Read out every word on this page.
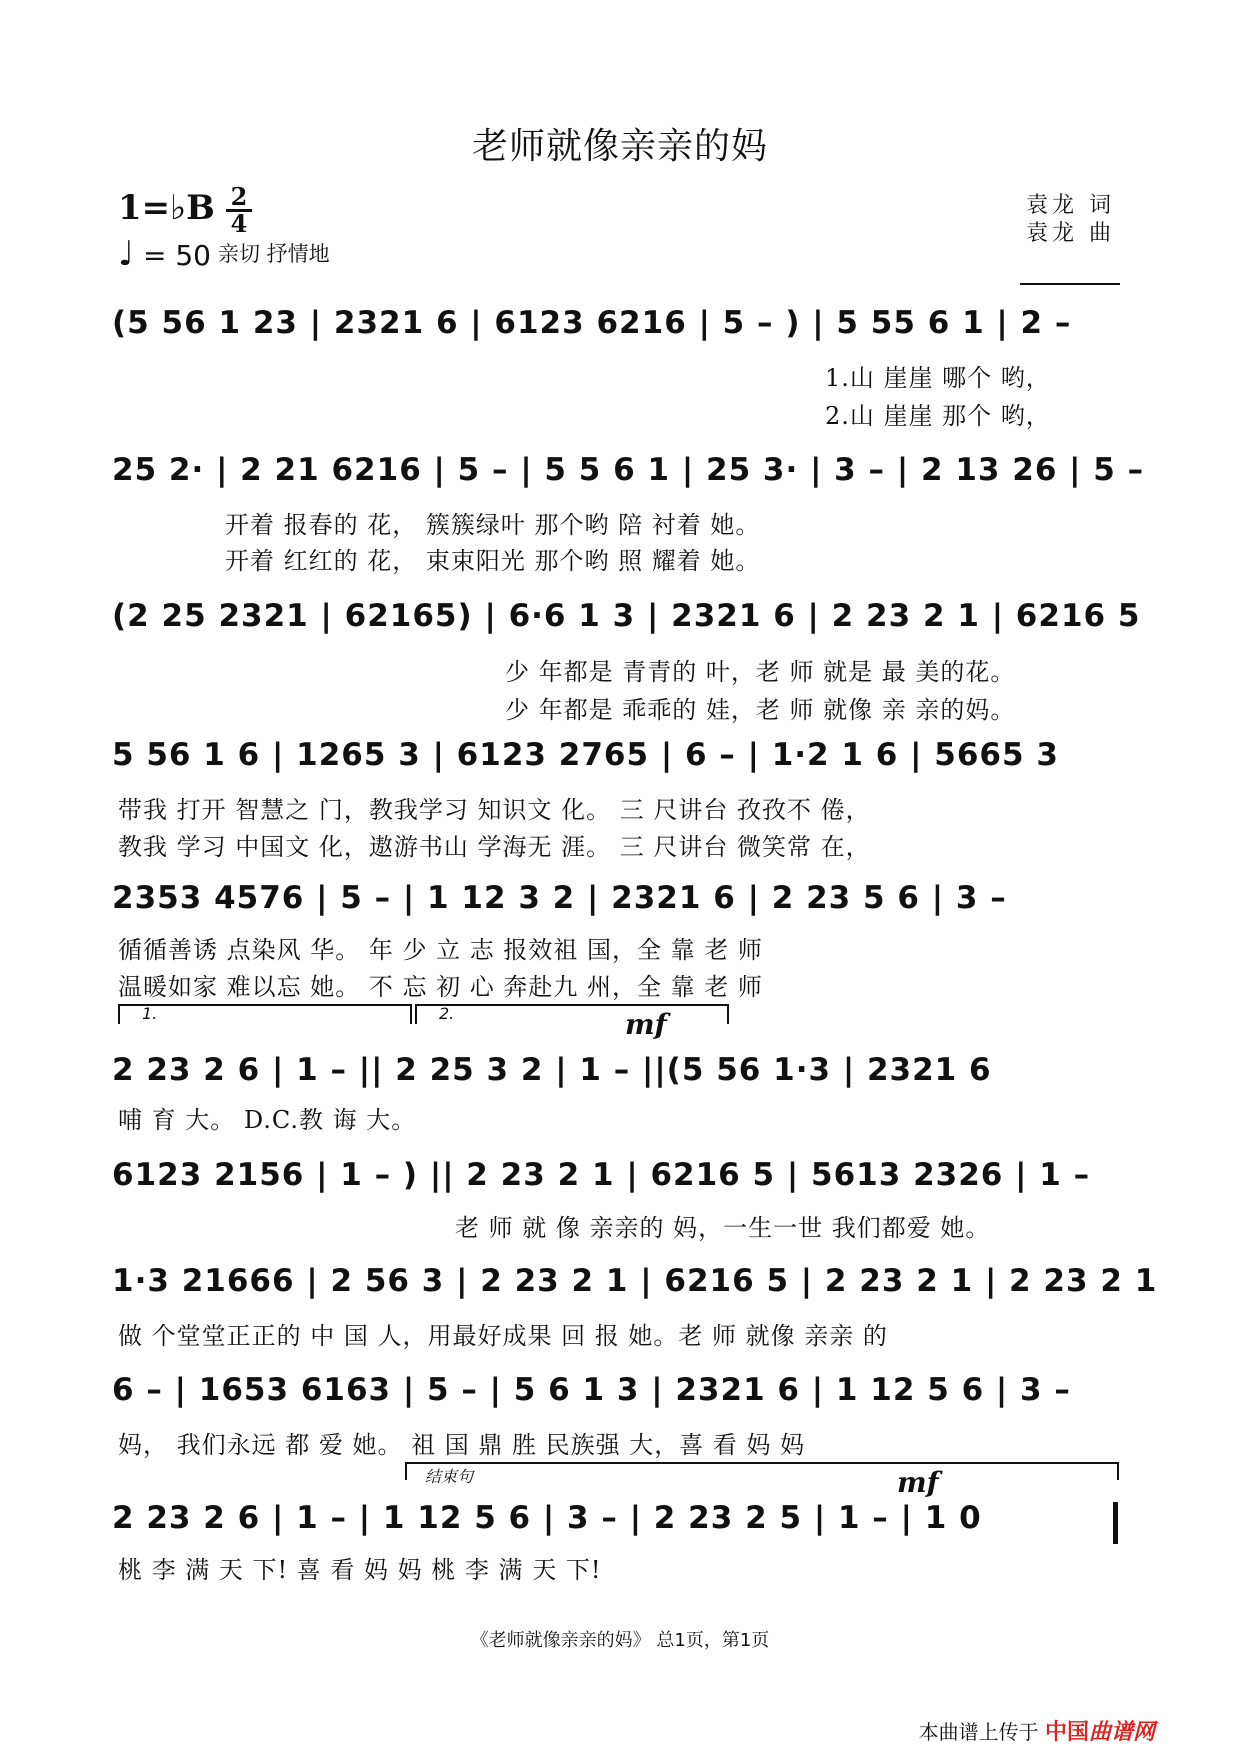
老师就像亲亲的妈
1=♭B 2
4
♩ = 50 亲切 抒情地
袁龙 词
袁龙 曲
(5 56 1 23 | 2321 6 | 6123 6216 | 5 – ) | 5 55 6 1 | 2 –
1.山 崖崖 哪个 哟，
2.山 崖崖 那个 哟，
25 2· | 2 21 6216 | 5 – | 5 5 6 1 | 25 3· | 3 – | 2 13 26 | 5 –
开着 报春的 花， 簇簇绿叶 那个哟 陪 衬着 她。
开着 红红的 花， 束束阳光 那个哟 照 耀着 她。
(2 25 2321 | 62165) | 6·6 1 3 | 2321 6 | 2 23 2 1 | 6216 5
少 年都是 青青的 叶，老 师 就是 最 美的花。
少 年都是 乖乖的 娃，老 师 就像 亲 亲的妈。
5 56 1 6 | 1265 3 | 6123 2765 | 6 – | 1·2 1 6 | 5665 3
带我 打开 智慧之 门，教我学习 知识文 化。 三 尺讲台 孜孜不 倦，
教我 学习 中国文 化，遨游书山 学海无 涯。 三 尺讲台 微笑常 在，
2353 4576 | 5 – | 1 12 3 2 | 2321 6 | 2 23 5 6 | 3 –
循循善诱 点染风 华。 年 少 立 志 报效祖 国，全 靠 老 师
温暖如家 难以忘 她。 不 忘 初 心 奔赴九 州，全 靠 老 师
1.	2.	mf
2 23 2 6 | 1 – || 2 25 3 2 | 1 – ||(5 56 1·3 | 2321 6
哺 育 大。 D.C.教 诲 大。
6123 2156 | 1 – ) || 2 23 2 1 | 6216 5 | 5613 2326 | 1 –
老 师 就 像 亲亲的 妈，一生一世 我们都爱 她。
1·3 21666 | 2 56 3 | 2 23 2 1 | 6216 5 | 2 23 2 1 | 2 23 2 1
做 个堂堂正正的 中 国 人，用最好成果 回 报 她。老 师 就像 亲亲 的
6 – | 1653 6163 | 5 – | 5 6 1 3 | 2321 6 | 1 12 5 6 | 3 –
妈， 我们永远 都 爱 她。 祖 国 鼎 胜 民族强 大，喜 看 妈 妈
结束句	mf
2 23 2 6 | 1 – | 1 12 5 6 | 3 – | 2 23 2 5 | 1 – | 1 0
桃 李 满 天 下! 喜 看 妈 妈 桃 李 满 天 下!
《老师就像亲亲的妈》 总1页，第1页
本曲谱上传于 中国曲谱网
